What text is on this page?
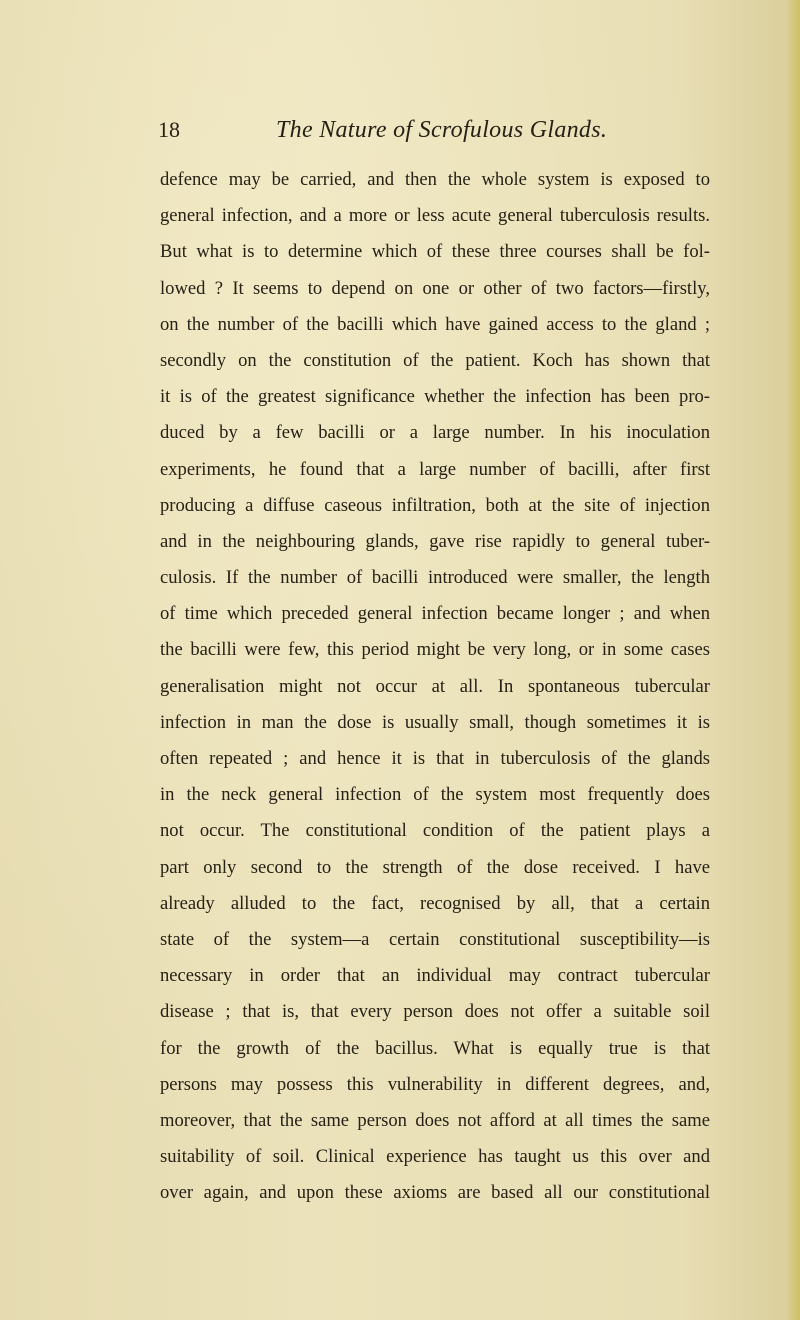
18	The Nature of Scrofulous Glands.
defence may be carried, and then the whole system is exposed to
general infection, and a more or less acute general tuberculosis results.
But what is to determine which of these three courses shall be fol-
lowed ? It seems to depend on one or other of two factors—firstly,
on the number of the bacilli which have gained access to the gland ;
secondly on the constitution of the patient. Koch has shown that
it is of the greatest significance whether the infection has been pro-
duced by a few bacilli or a large number. In his inoculation
experiments, he found that a large number of bacilli, after first
producing a diffuse caseous infiltration, both at the site of injection
and in the neighbouring glands, gave rise rapidly to general tuber-
culosis. If the number of bacilli introduced were smaller, the length
of time which preceded general infection became longer ; and when
the bacilli were few, this period might be very long, or in some cases
generalisation might not occur at all. In spontaneous tubercular
infection in man the dose is usually small, though sometimes it is
often repeated ; and hence it is that in tuberculosis of the glands
in the neck general infection of the system most frequently does
not occur. The constitutional condition of the patient plays a
part only second to the strength of the dose received. I have
already alluded to the fact, recognised by all, that a certain
state of the system—a certain constitutional susceptibility—is
necessary in order that an individual may contract tubercular
disease ; that is, that every person does not offer a suitable soil
for the growth of the bacillus. What is equally true is that
persons may possess this vulnerability in different degrees, and,
moreover, that the same person does not afford at all times the same
suitability of soil. Clinical experience has taught us this over and
over again, and upon these axioms are based all our constitutional
